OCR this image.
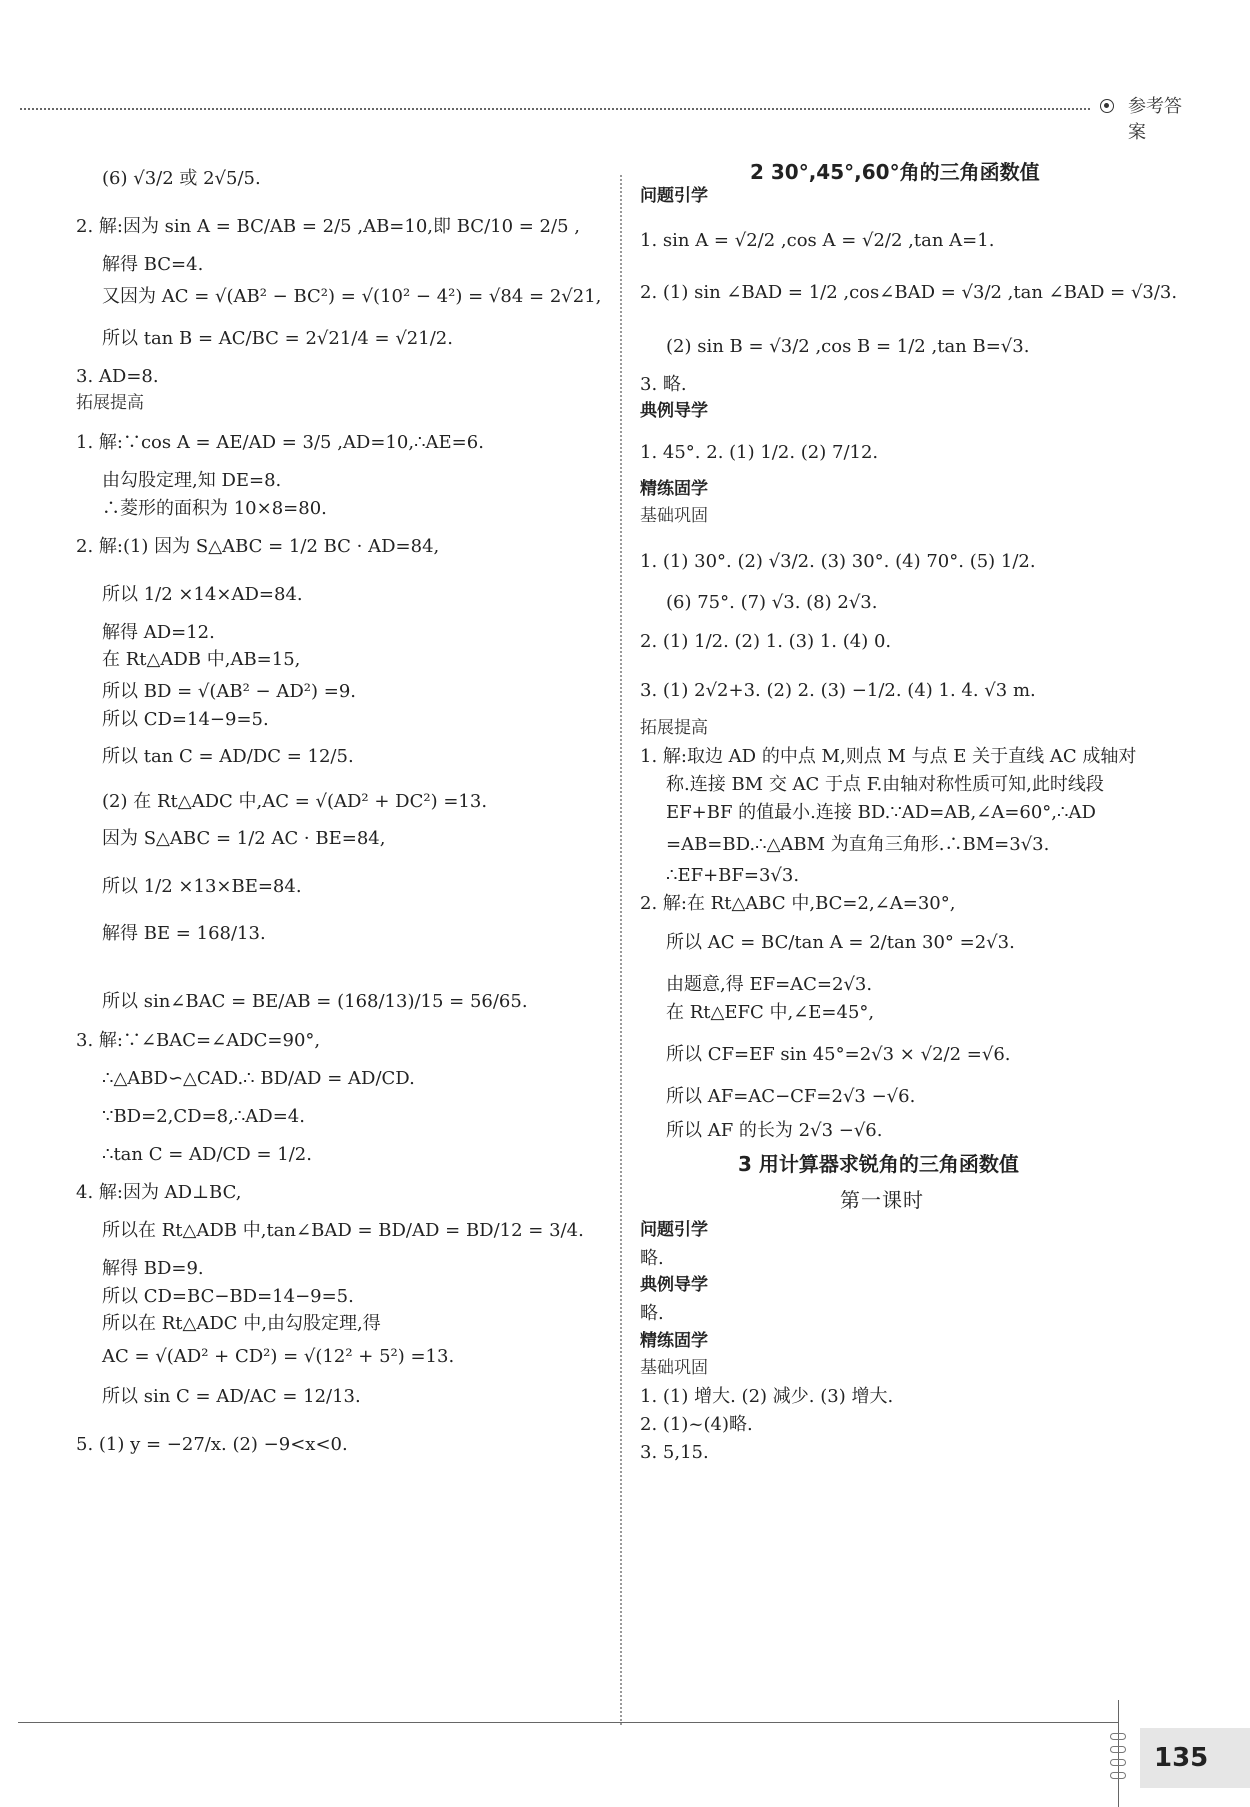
参考答案
(6) √3/2 或 2√5/5.
2. 解:因为 sin A = BC/AB = 2/5 ,AB=10,即 BC/10 = 2/5 ,
解得 BC=4.
又因为 AC = √(AB² − BC²) = √(10² − 4²) = √84 = 2√21,
所以 tan B = AC/BC = 2√21/4 = √21/2.
3. AD=8.
拓展提高
1. 解:∵cos A = AE/AD = 3/5 ,AD=10,∴AE=6.
由勾股定理,知 DE=8.
∴菱形的面积为 10×8=80.
2. 解:(1) 因为 S△ABC = 1/2 BC · AD=84,
所以 1/2 ×14×AD=84.
解得 AD=12.
在 Rt△ADB 中,AB=15,
所以 BD = √(AB² − AD²) =9.
所以 CD=14−9=5.
所以 tan C = AD/DC = 12/5.
(2) 在 Rt△ADC 中,AC = √(AD² + DC²) =13.
因为 S△ABC = 1/2 AC · BE=84,
所以 1/2 ×13×BE=84.
解得 BE = 168/13.
所以 sin∠BAC = BE/AB = (168/13)/15 = 56/65.
3. 解:∵∠BAC=∠ADC=90°,
∴△ABD∽△CAD.∴ BD/AD = AD/CD.
∵BD=2,CD=8,∴AD=4.
∴tan C = AD/CD = 1/2.
4. 解:因为 AD⊥BC,
所以在 Rt△ADB 中,tan∠BAD = BD/AD = BD/12 = 3/4.
解得 BD=9.
所以 CD=BC−BD=14−9=5.
所以在 Rt△ADC 中,由勾股定理,得
AC = √(AD² + CD²) = √(12² + 5²) =13.
所以 sin C = AD/AC = 12/13.
5. (1) y = −27/x. (2) −9<x<0.
2 30°,45°,60°角的三角函数值
问题引学
1. sin A = √2/2 ,cos A = √2/2 ,tan A=1.
2. (1) sin ∠BAD = 1/2 ,cos∠BAD = √3/2 ,tan ∠BAD = √3/3.
(2) sin B = √3/2 ,cos B = 1/2 ,tan B=√3.
3. 略.
典例导学
1. 45°. 2. (1) 1/2. (2) 7/12.
精练固学
基础巩固
1. (1) 30°. (2) √3/2. (3) 30°. (4) 70°. (5) 1/2.
(6) 75°. (7) √3. (8) 2√3.
2. (1) 1/2. (2) 1. (3) 1. (4) 0.
3. (1) 2√2+3. (2) 2. (3) −1/2. (4) 1. 4. √3 m.
拓展提高
1. 解:取边 AD 的中点 M,则点 M 与点 E 关于直线 AC 成轴对
称.连接 BM 交 AC 于点 F.由轴对称性质可知,此时线段
EF+BF 的值最小.连接 BD.∵AD=AB,∠A=60°,∴AD
=AB=BD.∴△ABM 为直角三角形.∴BM=3√3.
∴EF+BF=3√3.
2. 解:在 Rt△ABC 中,BC=2,∠A=30°,
所以 AC = BC/tan A = 2/tan 30° =2√3.
由题意,得 EF=AC=2√3.
在 Rt△EFC 中,∠E=45°,
所以 CF=EF sin 45°=2√3 × √2/2 =√6.
所以 AF=AC−CF=2√3 −√6.
所以 AF 的长为 2√3 −√6.
3 用计算器求锐角的三角函数值
第一课时
问题引学
略.
典例导学
略.
精练固学
基础巩固
1. (1) 增大. (2) 减少. (3) 增大.
2. (1)~(4)略.
3. 5,15.
135
